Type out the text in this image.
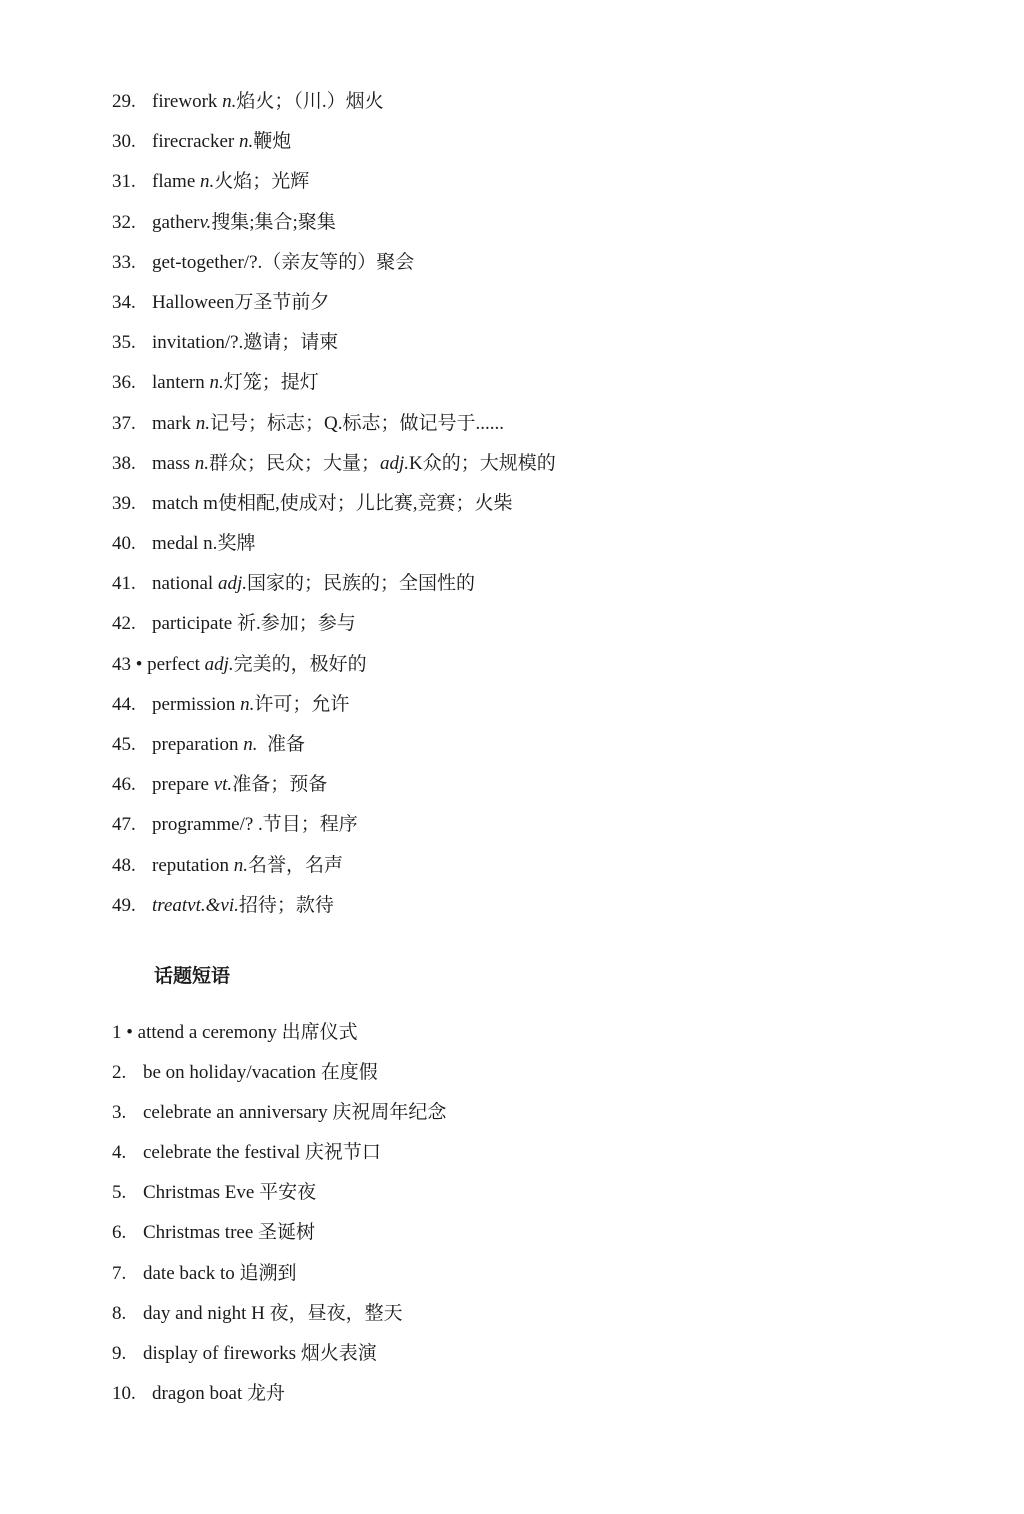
29. firework n.焰火；（川.）烟火
30. firecracker n.鞭炮
31. flame n.火焰；光辉
32. gatherv.搜集;集合;聚集
33. get-together/?.（亲友等的）聚会
34. Halloween万圣节前夕
35. invitation/?.邀请；请柬
36. lantern n.灯笼；提灯
37. mark n.记号；标志；Q.标志；做记号于......
38. mass n.群众；民众；大量；adj.K众的；大规模的
39. match m使相配,使成对；儿比赛,竞赛；火柴
40. medal n.奖牌
41. national adj.国家的；民族的；全国性的
42. participate 祈.参加；参与
43 • perfect adj.完美的，极好的
44. permission n.许可；允许
45. preparation n. 准备
46. prepare vt.准备；预备
47. programme/? .节目；程序
48. reputation n.名誉，名声
49. treatvt.&vi.招待；款待
话题短语
1 • attend a ceremony 出席仪式
2. be on holiday/vacation 在度假
3. celebrate an anniversary 庆祝周年纪念
4. celebrate the festival 庆祝节口
5. Christmas Eve 平安夜
6. Christmas tree 圣诞树
7. date back to 追溯到
8. day and night H 夜，昼夜，整天
9. display of fireworks 烟火表演
10. dragon boat 龙舟
